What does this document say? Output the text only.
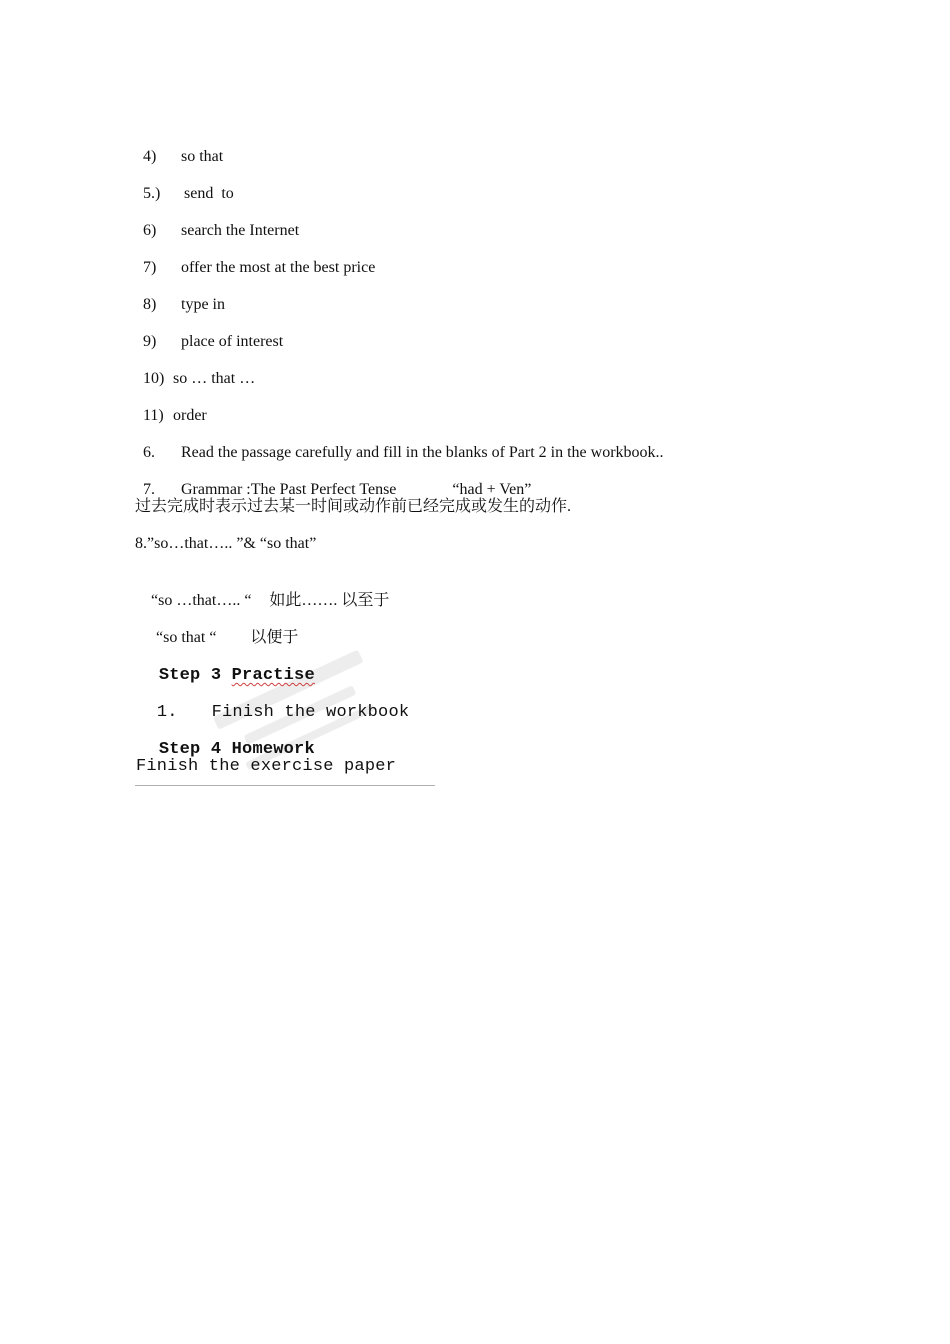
4) so that

5.) send  to

6) search the Internet

7) offer the most at the best price

8) type in

9) place of interest

10) so … that …

11) order

6. Read the passage carefully and fill in the blanks of Part 2 in the workbook..

7. Grammar :The Past Perfect Tense	“had + Ven”

过去完成时表示过去某一时间或动作前已经完成或发生的动作.
8.”so…that….. ”& “so that”

“so …that….. “ 如此……. 以至于

“so that “ 以便于

Step 3 Practise

1. Finish the workbook

Step 4 Homework

Finish the exercise paper
